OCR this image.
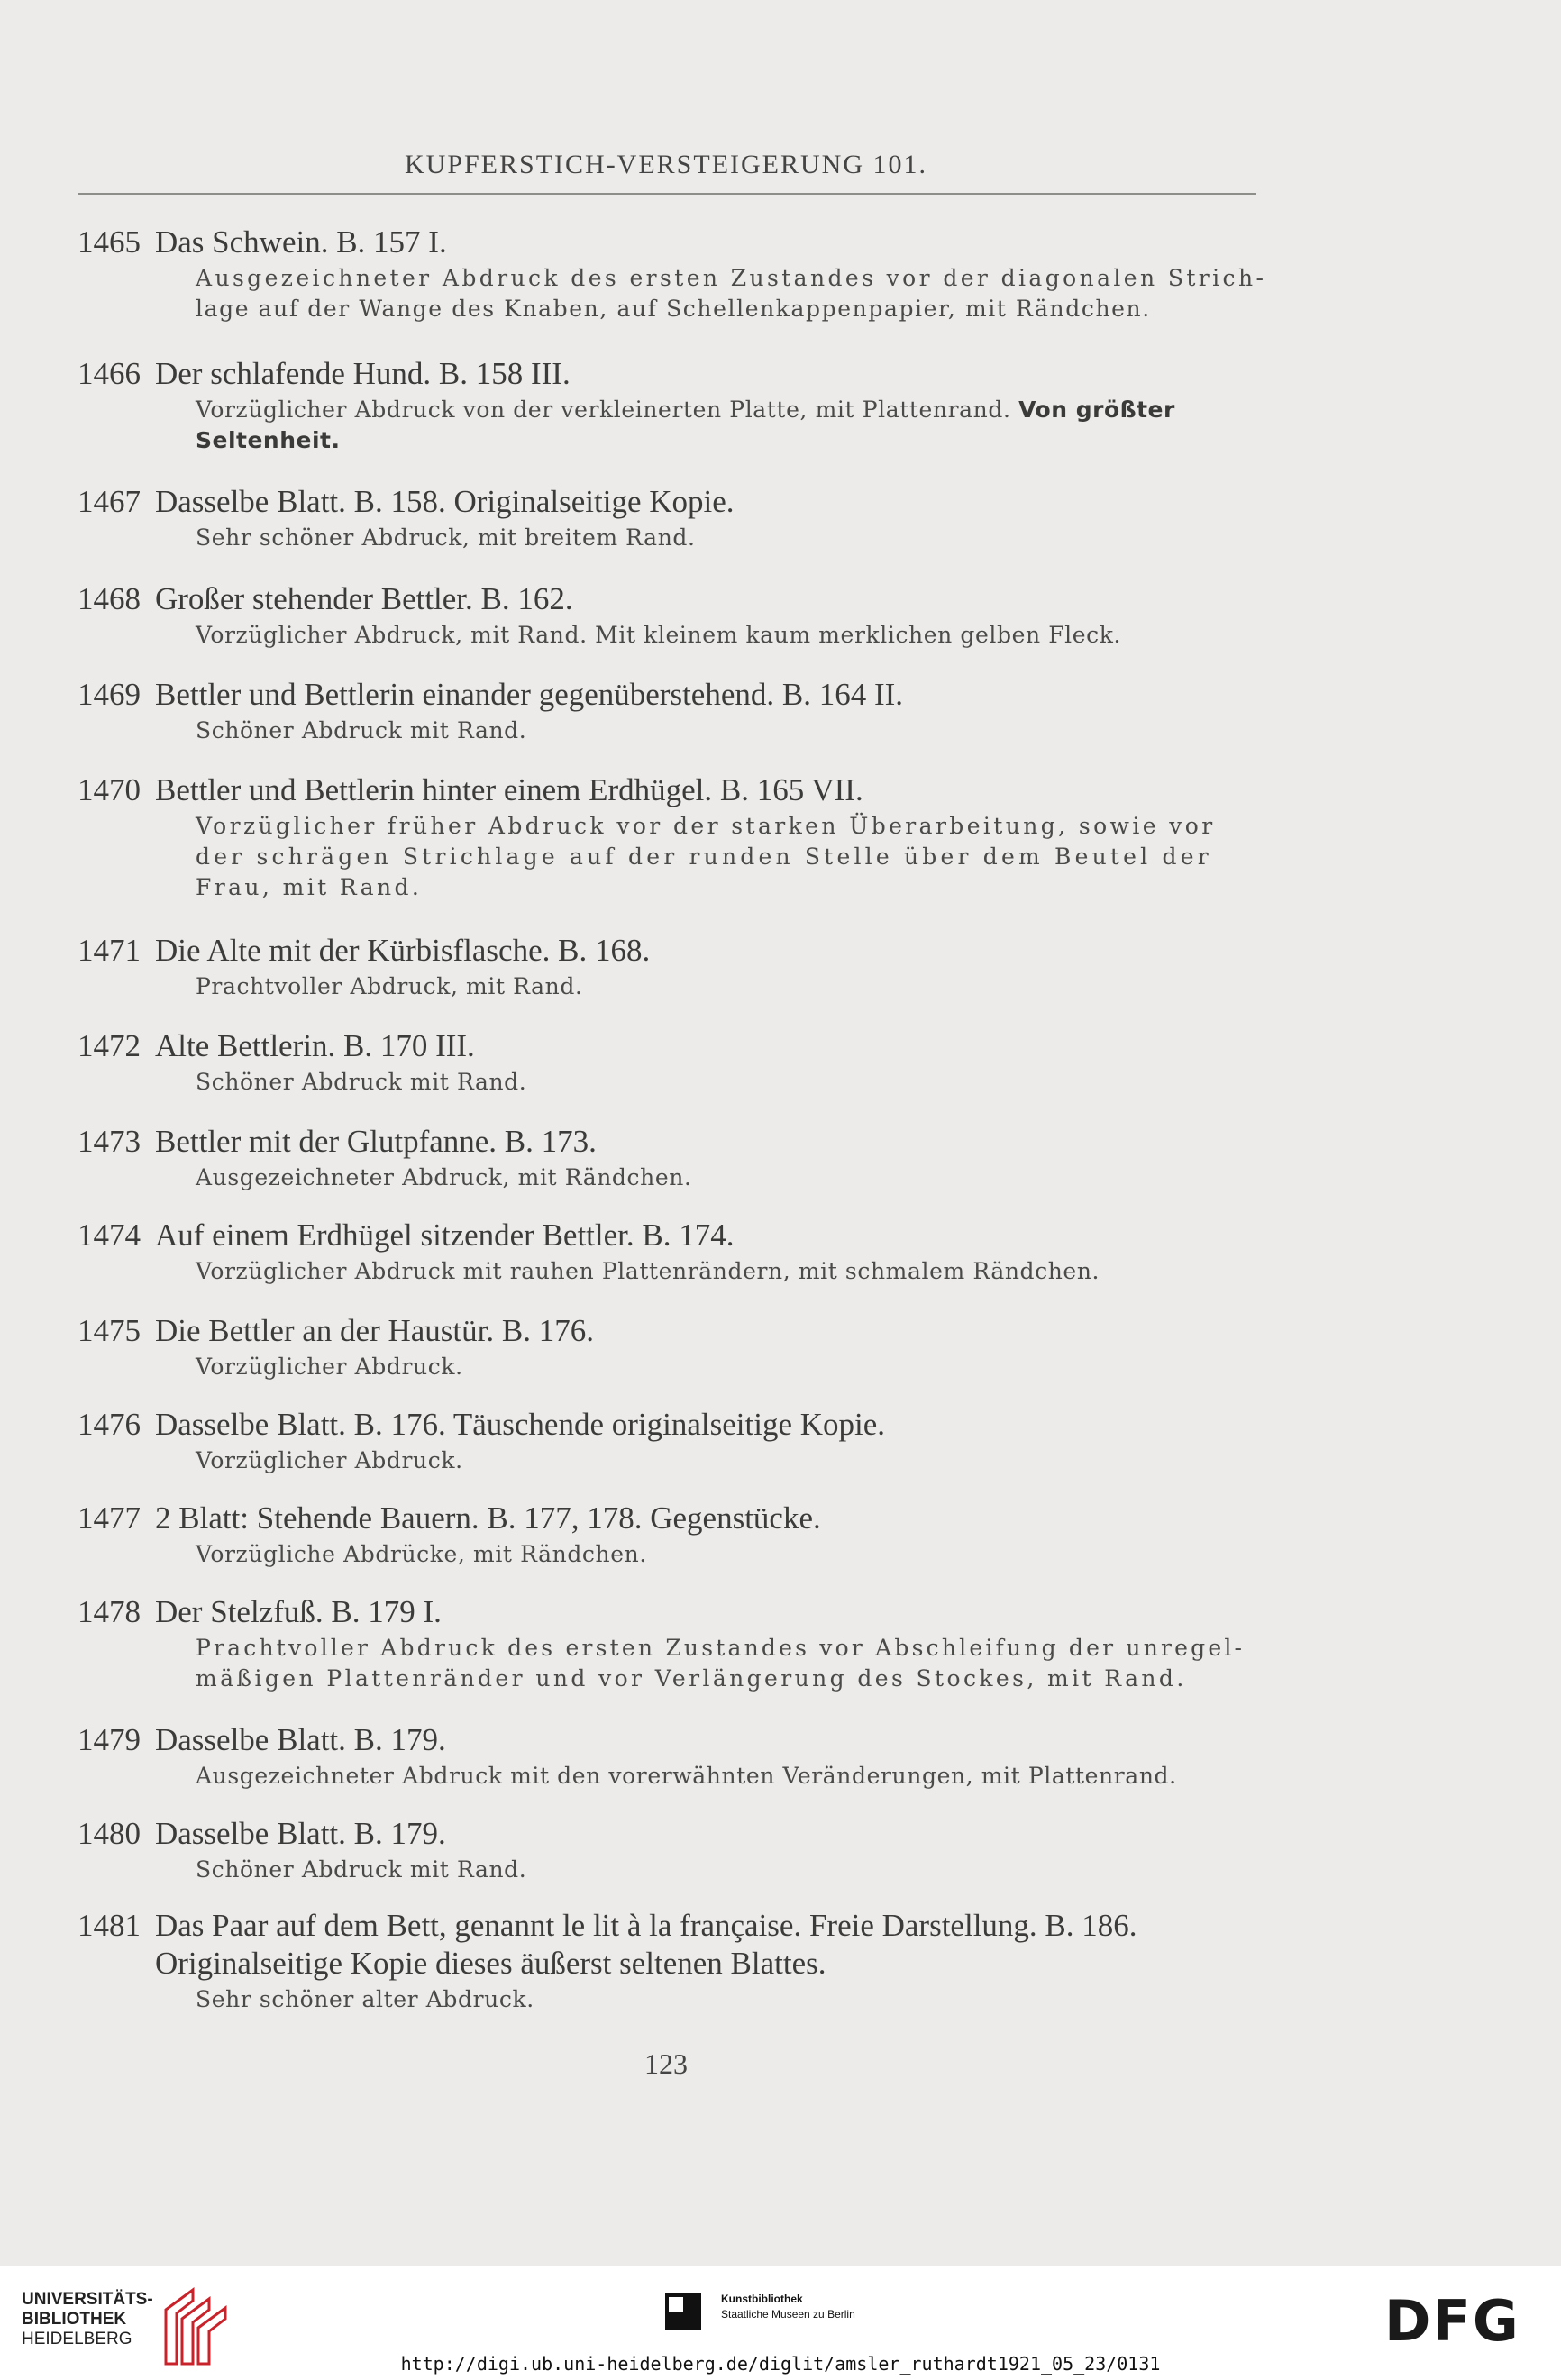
KUPFERSTICH-VERSTEIGERUNG 101.
1465 Das Schwein. B. 157 I.
Ausgezeichneter Abdruck des ersten Zustandes vor der diagonalen Strich-
lage auf der Wange des Knaben, auf Schellenkappenpapier, mit Rändchen.
1466 Der schlafende Hund. B. 158 III.
Vorzüglicher Abdruck von der verkleinerten Platte, mit Plattenrand. Von größter
Seltenheit.
1467 Dasselbe Blatt. B. 158. Originalseitige Kopie.
Sehr schöner Abdruck, mit breitem Rand.
1468 Großer stehender Bettler. B. 162.
Vorzüglicher Abdruck, mit Rand. Mit kleinem kaum merklichen gelben Fleck.
1469 Bettler und Bettlerin einander gegenüberstehend. B. 164 II.
Schöner Abdruck mit Rand.
1470 Bettler und Bettlerin hinter einem Erdhügel. B. 165 VII.
Vorzüglicher früher Abdruck vor der starken Überarbeitung, sowie vor
der schrägen Strichlage auf der runden Stelle über dem Beutel der
Frau, mit Rand.
1471 Die Alte mit der Kürbisflasche. B. 168.
Prachtvoller Abdruck, mit Rand.
1472 Alte Bettlerin. B. 170 III.
Schöner Abdruck mit Rand.
1473 Bettler mit der Glutpfanne. B. 173.
Ausgezeichneter Abdruck, mit Rändchen.
1474 Auf einem Erdhügel sitzender Bettler. B. 174.
Vorzüglicher Abdruck mit rauhen Plattenrändern, mit schmalem Rändchen.
1475 Die Bettler an der Haustür. B. 176.
Vorzüglicher Abdruck.
1476 Dasselbe Blatt. B. 176. Täuschende originalseitige Kopie.
Vorzüglicher Abdruck.
1477 2 Blatt: Stehende Bauern. B. 177, 178. Gegenstücke.
Vorzügliche Abdrücke, mit Rändchen.
1478 Der Stelzfuß. B. 179 I.
Prachtvoller Abdruck des ersten Zustandes vor Abschleifung der unregel-
mäßigen Plattenränder und vor Verlängerung des Stockes, mit Rand.
1479 Dasselbe Blatt. B. 179.
Ausgezeichneter Abdruck mit den vorerwähnten Veränderungen, mit Plattenrand.
1480 Dasselbe Blatt. B. 179.
Schöner Abdruck mit Rand.
1481 Das Paar auf dem Bett, genannt le lit à la française. Freie Darstellung. B. 186.
Originalseitige Kopie dieses äußerst seltenen Blattes.
Sehr schöner alter Abdruck.
123
UNIVERSITÄTS-
BIBLIOTHEK
HEIDELBERG
Kunstbibliothek
Staatliche Museen zu Berlin	DFG
http://digi.ub.uni-heidelberg.de/diglit/amsler_ruthardt1921_05_23/0131
